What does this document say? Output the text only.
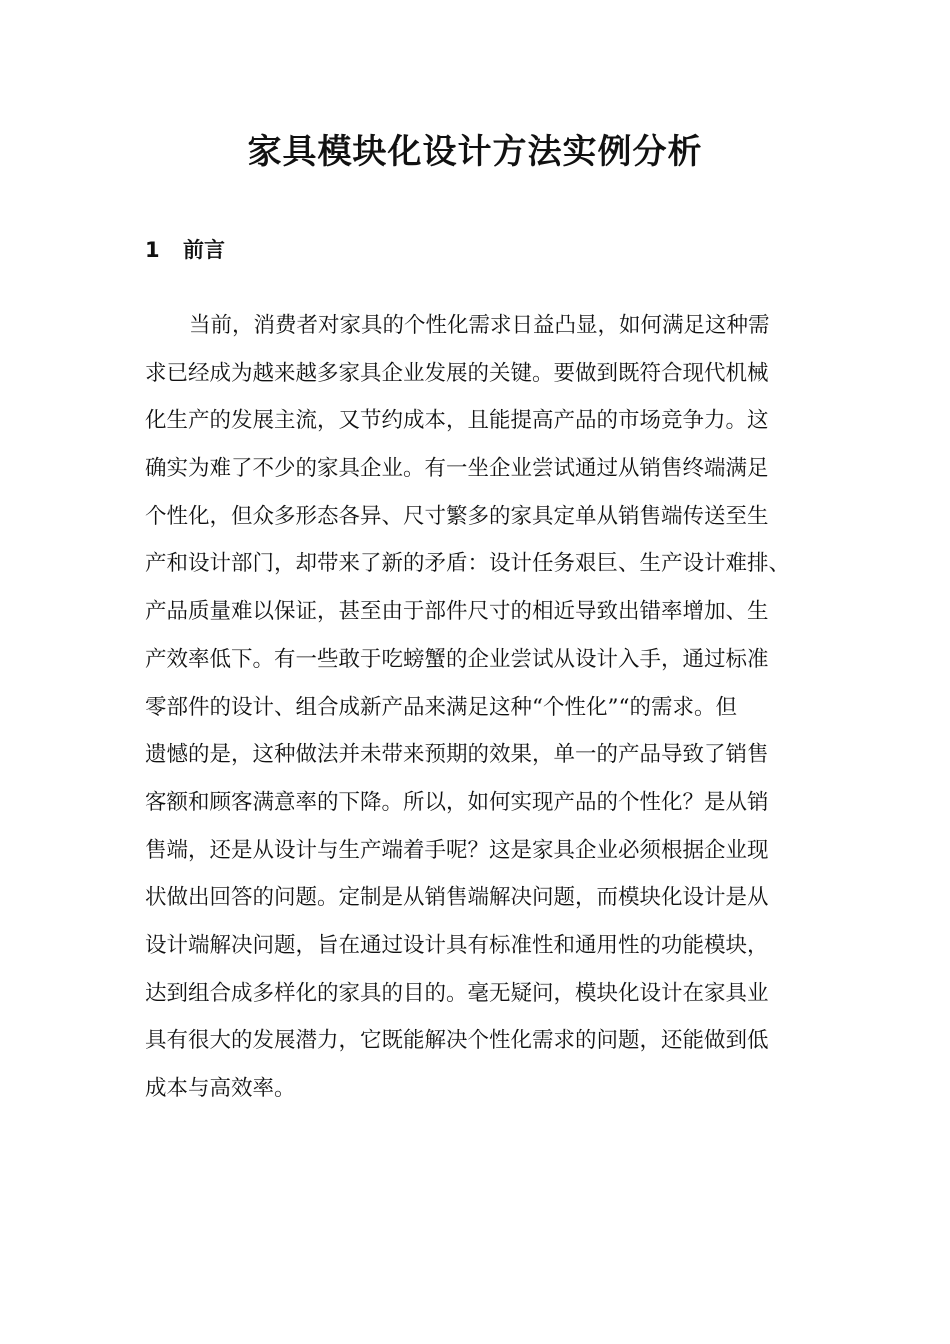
家具模块化设计方法实例分析
1 前言
当前，消费者对家具的个性化需求日益凸显，如何满足这种需
求已经成为越来越多家具企业发展的关键。要做到既符合现代机械
化生产的发展主流，又节约成本，且能提高产品的市场竞争力。这
确实为难了不少的家具企业。有一坐企业尝试通过从销售终端满足
个性化，但众多形态各异、尺寸繁多的家具定单从销售端传送至生
产和设计部门，却带来了新的矛盾：设计任务艰巨、生产设计难排、
产品质量难以保证，甚至由于部件尺寸的相近导致出错率增加、生
产效率低下。有一些敢于吃螃蟹的企业尝试从设计入手，通过标准
零部件的设计、组合成新产品来满足这种“个性化”“的需求。但
遗憾的是，这种做法并未带来预期的效果，单一的产品导致了销售
客额和顾客满意率的下降。所以，如何实现产品的个性化？是从销
售端，还是从设计与生产端着手呢？这是家具企业必须根据企业现
状做出回答的问题。定制是从销售端解决问题，而模块化设计是从
设计端解决问题，旨在通过设计具有标准性和通用性的功能模块，
达到组合成多样化的家具的目的。毫无疑问，模块化设计在家具业
具有很大的发展潜力，它既能解决个性化需求的问题，还能做到低
成本与高效率。
